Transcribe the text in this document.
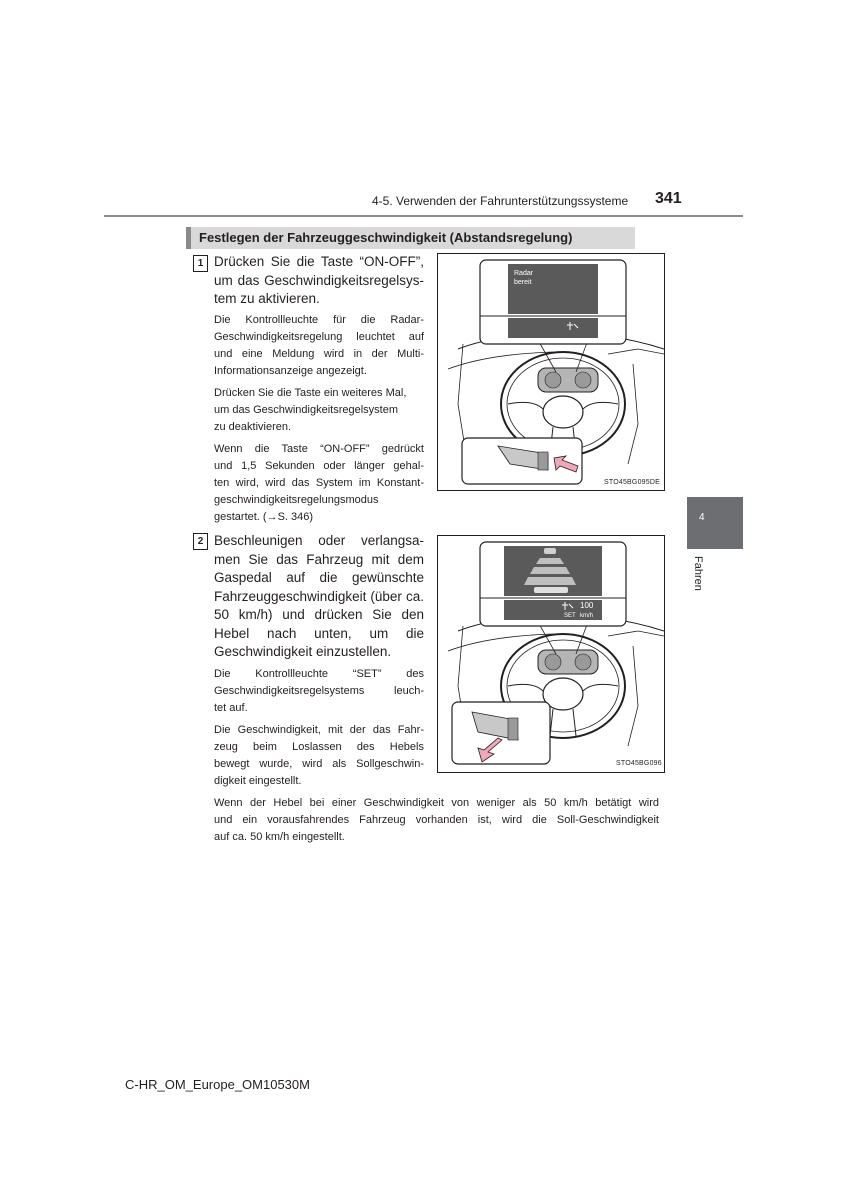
4-5. Verwenden der Fahrunterstützungssysteme 341
Festlegen der Fahrzeuggeschwindigkeit (Abstandsregelung)
1 Drücken Sie die Taste “ON-OFF”,
um das Geschwindigkeitsregelsys-
tem zu aktivieren.
Die Kontrollleuchte für die Radar-
Geschwindigkeitsregelung leuchtet auf
und eine Meldung wird in der Multi-
Informationsanzeige angezeigt.
Drücken Sie die Taste ein weiteres Mal,
um das Geschwindigkeitsregelsystem
zu deaktivieren.
Wenn die Taste “ON-OFF” gedrückt
und 1,5 Sekunden oder länger gehal-
ten wird, wird das System im Konstant-
geschwindigkeitsregelungsmodus
gestartet. (→S. 346)
Radar
bereit
STO45BG095DE
2 Beschleunigen oder verlangsa-
men Sie das Fahrzeug mit dem
Gaspedal auf die gewünschte
Fahrzeuggeschwindigkeit (über ca.
50 km/h) und drücken Sie den
Hebel nach unten, um die
Geschwindigkeit einzustellen.
Die Kontrollleuchte “SET” des
Geschwindigkeitsregelsystems leuch-
tet auf.
Die Geschwindigkeit, mit der das Fahr-
zeug beim Loslassen des Hebels
bewegt wurde, wird als Sollgeschwin-
digkeit eingestellt.
SET
100
km/h
STO45BG096
Wenn der Hebel bei einer Geschwindigkeit von weniger als 50 km/h betätigt wird
und ein vorausfahrendes Fahrzeug vorhanden ist, wird die Soll-Geschwindigkeit
auf ca. 50 km/h eingestellt.
4
Fahren
C-HR_OM_Europe_OM10530M
